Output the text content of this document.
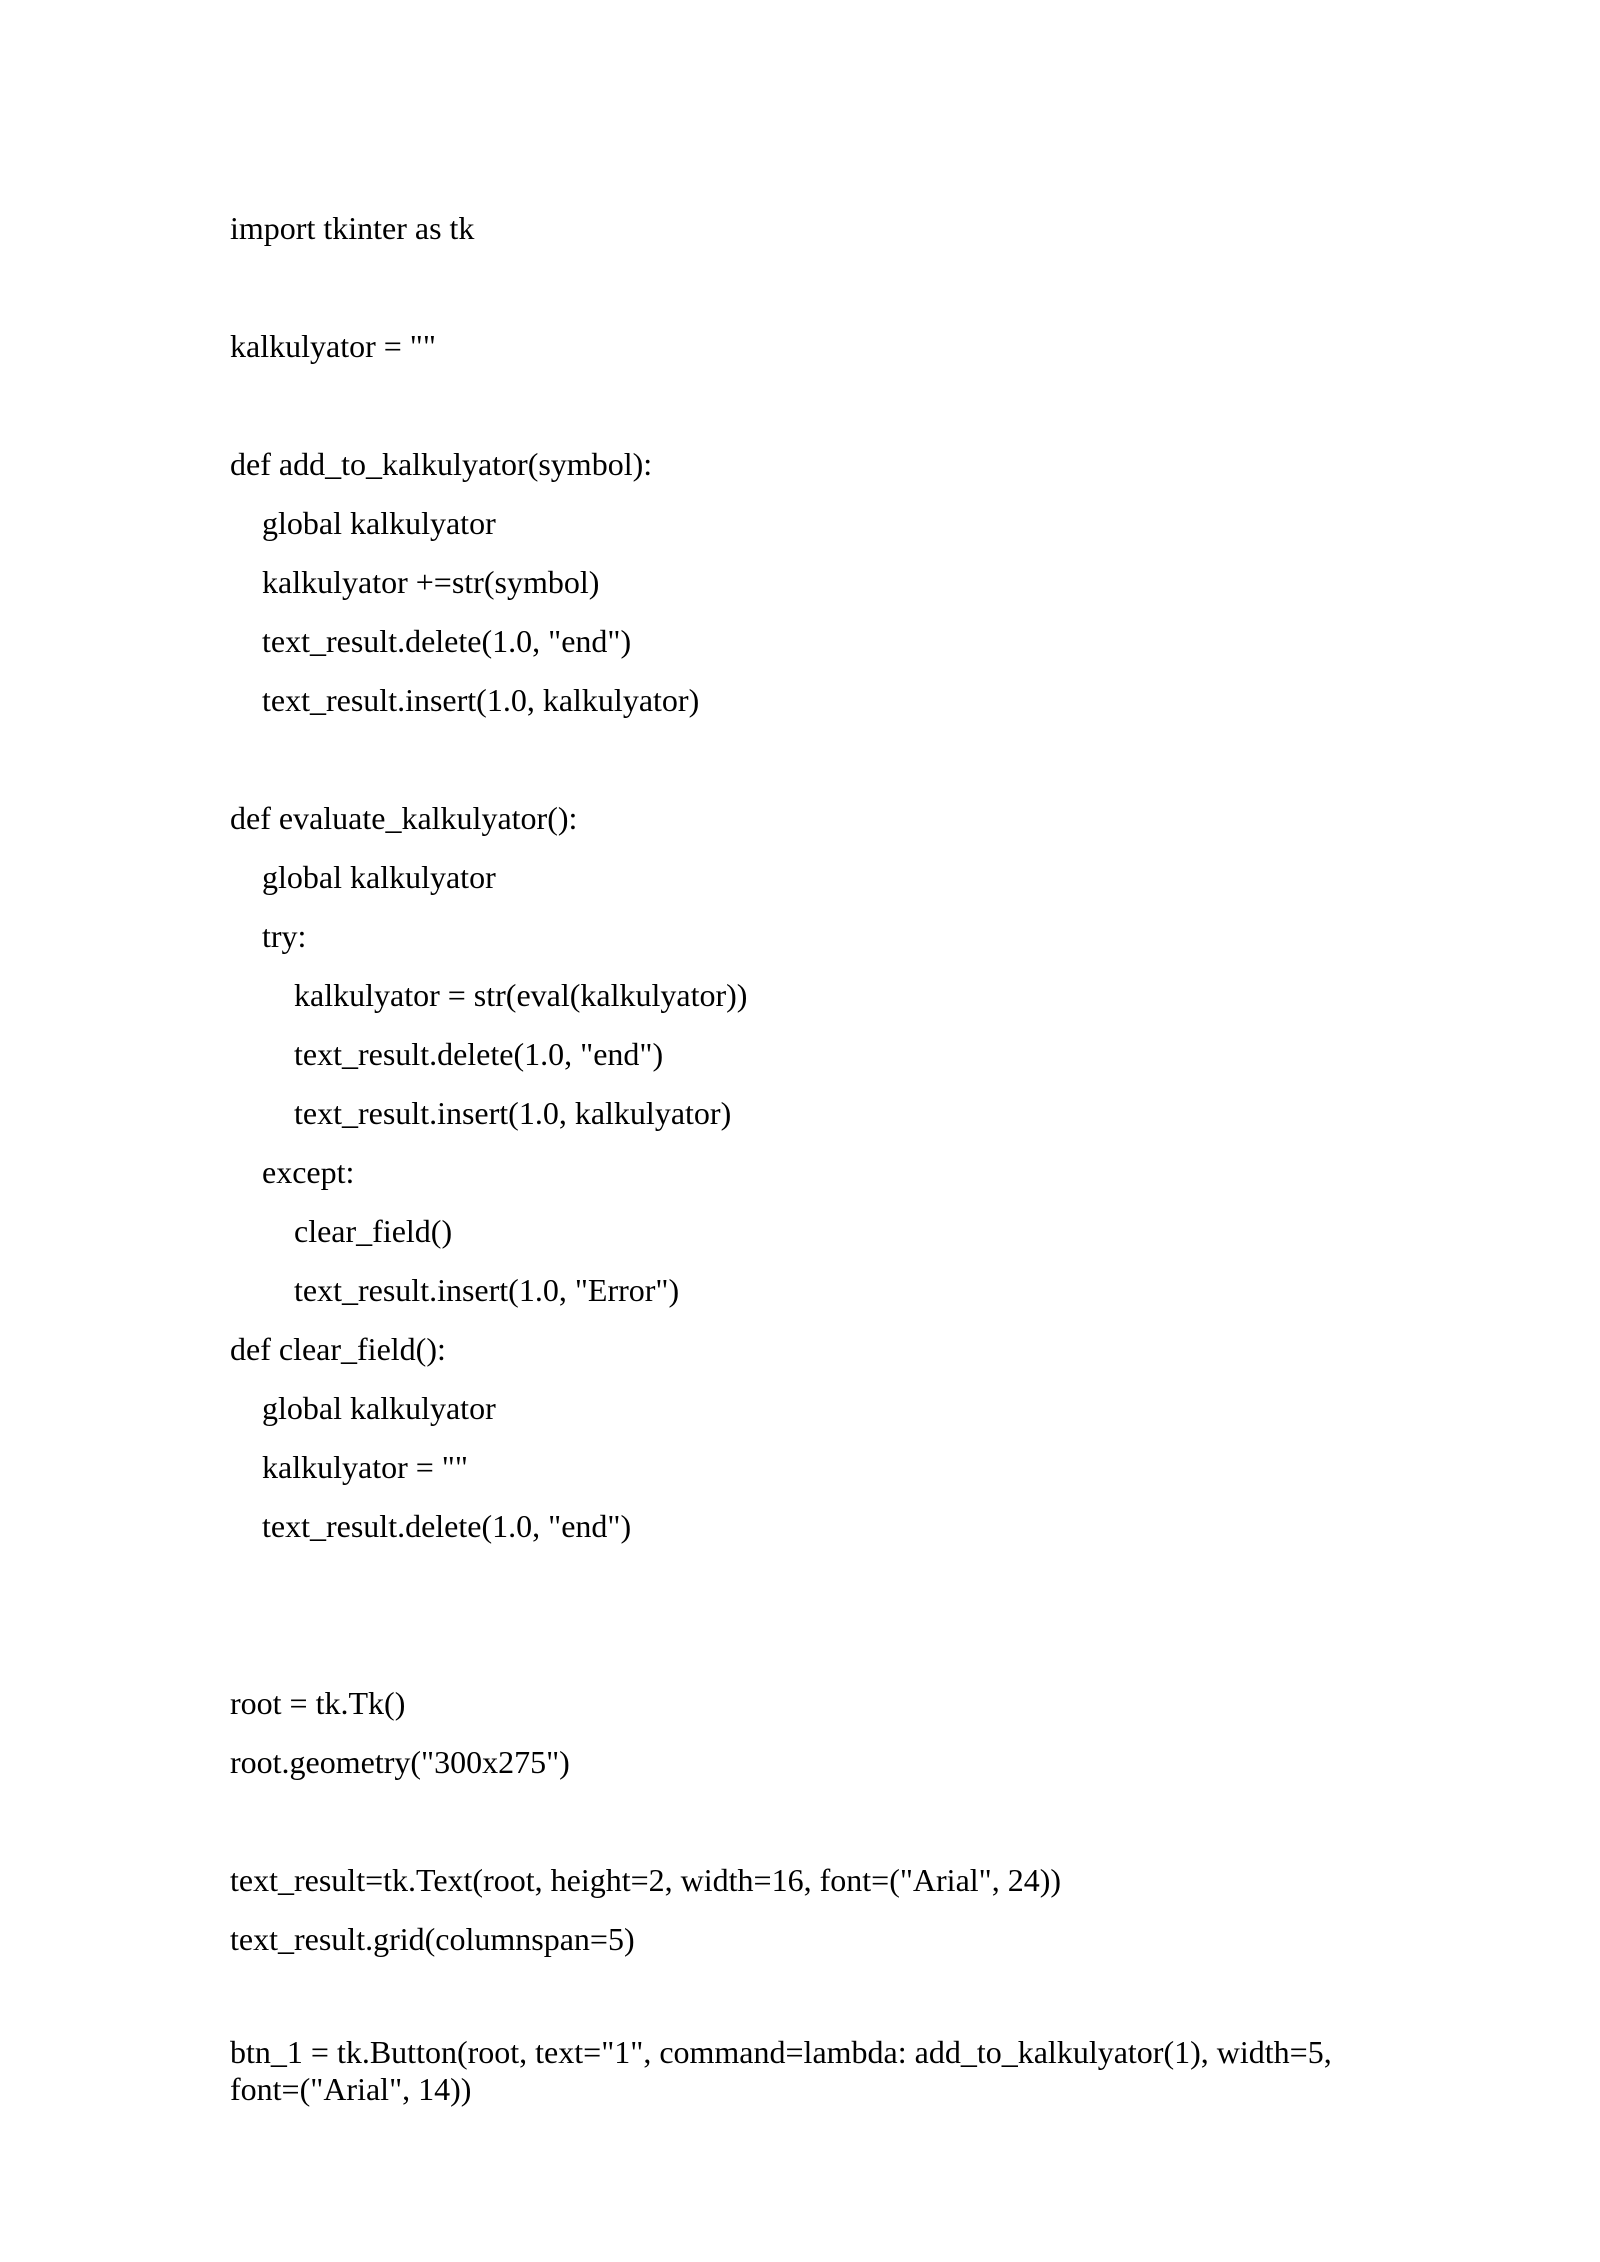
import tkinter as tk
kalkulyator = ""
def add_to_kalkulyator(symbol):
global kalkulyator
kalkulyator +=str(symbol)
text_result.delete(1.0, "end")
text_result.insert(1.0, kalkulyator)
def evaluate_kalkulyator():
global kalkulyator
try:
kalkulyator = str(eval(kalkulyator))
text_result.delete(1.0, "end")
text_result.insert(1.0, kalkulyator)
except:
clear_field()
text_result.insert(1.0, "Error")
def clear_field():
global kalkulyator
kalkulyator = ""
text_result.delete(1.0, "end")
root = tk.Tk()
root.geometry("300x275")
text_result=tk.Text(root, height=2, width=16, font=("Arial", 24))
text_result.grid(columnspan=5)
btn_1 = tk.Button(root, text="1", command=lambda: add_to_kalkulyator(1), width=5, font=("Arial", 14))
